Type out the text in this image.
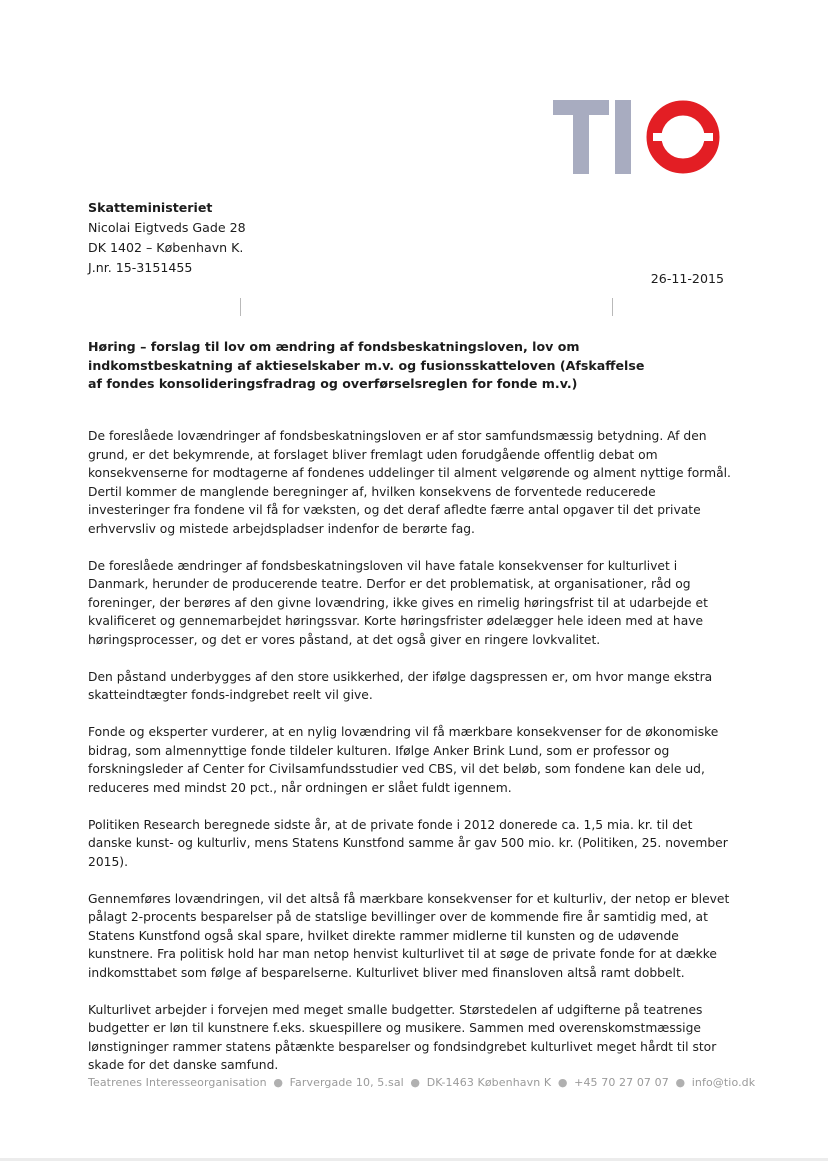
Skatteministeriet
Nicolai Eigtveds Gade 28
DK 1402 – København K.
J.nr. 15-3151455
26-11-2015
Høring – forslag til lov om ændring af fondsbeskatningsloven, lov om indkomstbeskatning af aktieselskaber m.v. og fusionsskatteloven (Afskaffelse af fondes konsolideringsfradrag og overførselsreglen for fonde m.v.)

De foreslåede lovændringer af fondsbeskatningsloven er af stor samfundsmæssig betydning. Af den grund, er det bekymrende, at forslaget bliver fremlagt uden forudgående offentlig debat om konsekvenserne for modtagerne af fondenes uddelinger til alment velgørende og alment nyttige formål. Dertil kommer de manglende beregninger af, hvilken konsekvens de forventede reducerede investeringer fra fondene vil få for væksten, og det deraf afledte færre antal opgaver til det private erhvervsliv og mistede arbejdspladser indenfor de berørte fag.

De foreslåede ændringer af fondsbeskatningsloven vil have fatale konsekvenser for kulturlivet i Danmark, herunder de producerende teatre. Derfor er det problematisk, at organisationer, råd og foreninger, der berøres af den givne lovændring, ikke gives en rimelig høringsfrist til at udarbejde et kvalificeret og gennemarbejdet høringssvar. Korte høringsfrister ødelægger hele ideen med at have høringsprocesser, og det er vores påstand, at det også giver en ringere lovkvalitet.

Den påstand underbygges af den store usikkerhed, der ifølge dagspressen er, om hvor mange ekstra skatteindtægter fonds-indgrebet reelt vil give.

Fonde og eksperter vurderer, at en nylig lovændring vil få mærkbare konsekvenser for de økonomiske bidrag, som almennyttige fonde tildeler kulturen. Ifølge Anker Brink Lund, som er professor og forskningsleder af Center for Civilsamfundsstudier ved CBS, vil det beløb, som fondene kan dele ud, reduceres med mindst 20 pct., når ordningen er slået fuldt igennem.

Politiken Research beregnede sidste år, at de private fonde i 2012 donerede ca. 1,5 mia. kr. til det danske kunst- og kulturliv, mens Statens Kunstfond samme år gav 500 mio. kr. (Politiken, 25. november 2015).

Gennemføres lovændringen, vil det altså få mærkbare konsekvenser for et kulturliv, der netop er blevet pålagt 2-procents besparelser på de statslige bevillinger over de kommende fire år samtidig med, at Statens Kunstfond også skal spare, hvilket direkte rammer midlerne til kunsten og de udøvende kunstnere. Fra politisk hold har man netop henvist kulturlivet til at søge de private fonde for at dække indkomsttabet som følge af besparelserne. Kulturlivet bliver med finansloven altså ramt dobbelt.

Kulturlivet arbejder i forvejen med meget smalle budgetter. Størstedelen af udgifterne på teatrenes budgetter er løn til kunstnere f.eks. skuespillere og musikere. Sammen med overenskomstmæssige lønstigninger rammer statens påtænkte besparelser og fondsindgrebet kulturlivet meget hårdt til stor skade for det danske samfund.

Teatrenes Interesseorganisation ● Farvergade 10, 5.sal ● DK-1463 København K ● +45 70 27 07 07 ● info@tio.dk
